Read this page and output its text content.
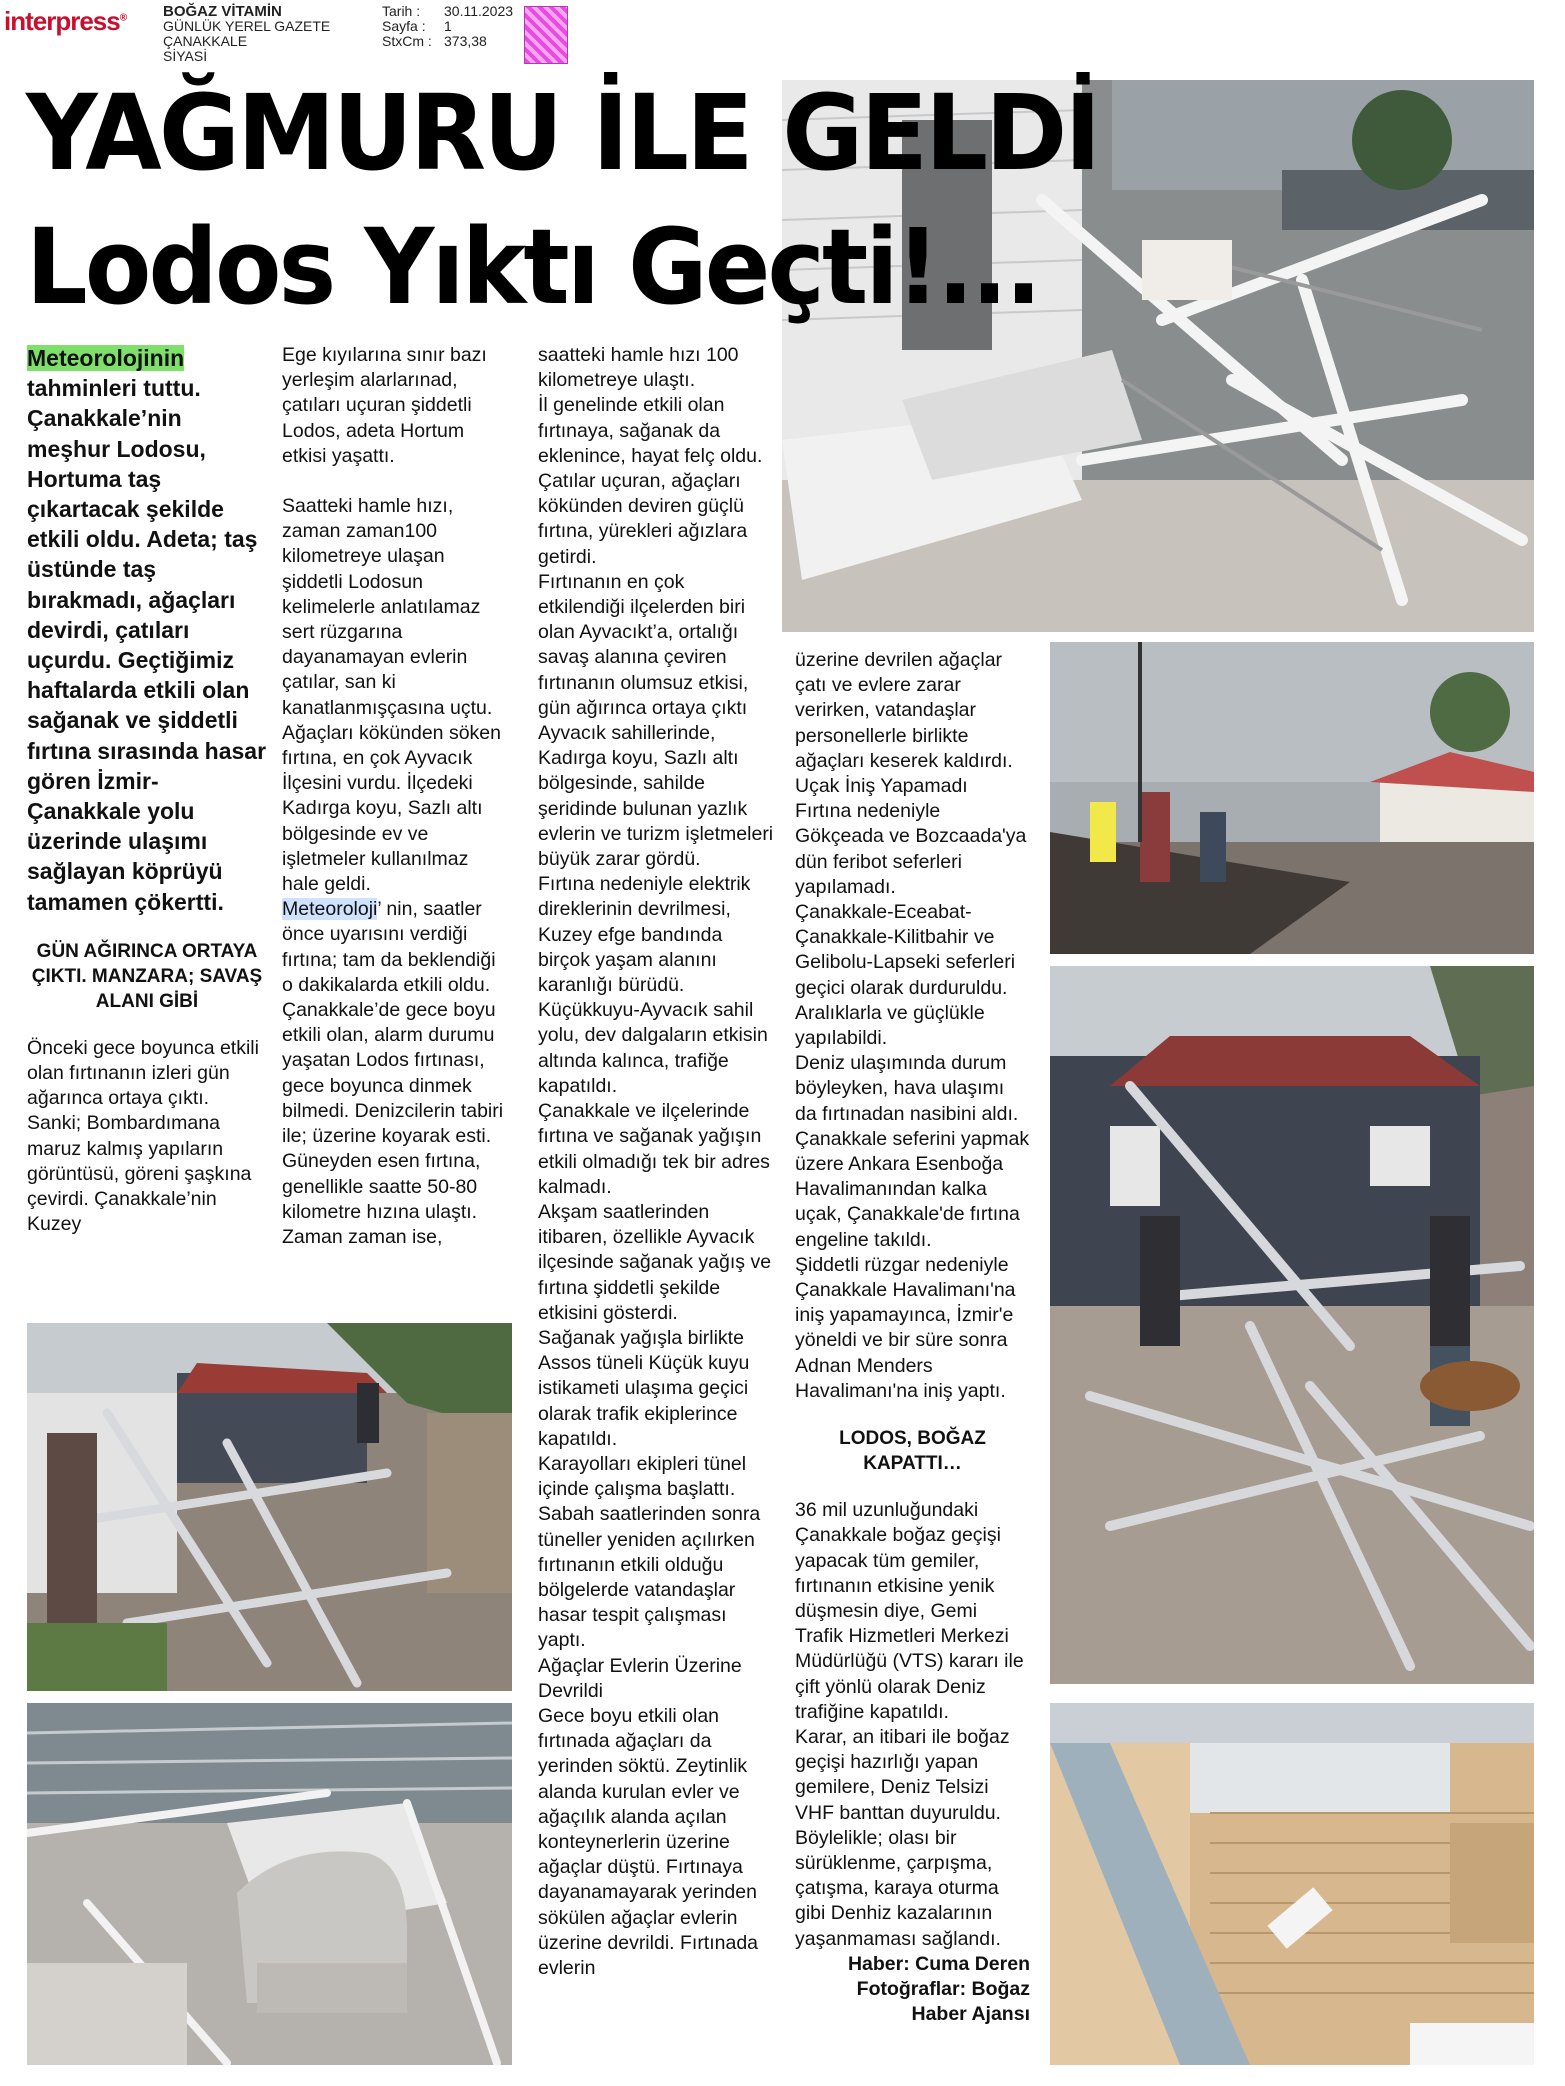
interpress® BOĞAZ VİTAMİN
GÜNLÜK YEREL GAZETE
ÇANAKKALE
SİYASİ
Tarih : 30.11.2023
Sayfa : 1
StxCm : 373,38
YAĞMURU İLE GELDİ
Lodos Yıktı Geçti!...

Meteorolojinin tahminleri tuttu. Çanakkale’nin meşhur Lodosu, Hortuma taş çıkartacak şekilde etkili oldu. Adeta; taş üstünde taş bırakmadı, ağaçları devirdi, çatıları uçurdu. Geçtiğimiz haftalarda etkili olan sağanak ve şiddetli fırtına sırasında hasar gören İzmir-Çanakkale yolu üzerinde ulaşımı sağlayan köprüyü tamamen çökertti.

GÜN AĞIRINCA ORTAYA ÇIKTI. MANZARA; SAVAŞ ALANI GİBİ

Önceki gece boyunca etkili olan fırtınanın izleri gün ağarınca ortaya çıktı. Sanki; Bombardımana maruz kalmış yapıların görüntüsü, göreni şaşkına çevirdi. Çanakkale’nin Kuzey

Ege kıyılarına sınır bazı yerleşim alarlarınad, çatıları uçuran şiddetli Lodos, adeta Hortum etkisi yaşattı.

Saatteki hamle hızı, zaman zaman100 kilometreye ulaşan şiddetli Lodosun kelimelerle anlatılamaz sert rüzgarına dayanamayan evlerin çatılar, san ki kanatlanmışçasına uçtu. Ağaçları kökünden söken fırtına, en çok Ayvacık İlçesini vurdu. İlçedeki Kadırga koyu, Sazlı altı bölgesinde ev ve işletmeler kullanılmaz hale geldi.

Meteoroloji’ nin, saatler önce uyarısını verdiği fırtına; tam da beklendiği o dakikalarda etkili oldu.

Çanakkale’de gece boyu etkili olan, alarm durumu yaşatan Lodos fırtınası, gece boyunca dinmek bilmedi. Denizcilerin tabiri ile; üzerine koyarak esti.

Güneyden esen fırtına, genellikle saatte 50-80 kilometre hızına ulaştı. Zaman zaman ise,

saatteki hamle hızı 100 kilometreye ulaştı.

İl genelinde etkili olan fırtınaya, sağanak da eklenince, hayat felç oldu.

Çatılar uçuran, ağaçları kökünden deviren güçlü fırtına, yürekleri ağızlara getirdi.

Fırtınanın en çok etkilendiği ilçelerden biri olan Ayvacıkt’a, ortalığı savaş alanına çeviren fırtınanın olumsuz etkisi, gün ağırınca ortaya çıktı Ayvacık sahillerinde, Kadırga koyu, Sazlı altı bölgesinde, sahilde şeridinde bulunan yazlık evlerin ve turizm işletmeleri büyük zarar gördü.

Fırtına nedeniyle elektrik direklerinin devrilmesi, Kuzey efge bandında birçok yaşam alanını karanlığı bürüdü.

Küçükkuyu-Ayvacık sahil yolu, dev dalgaların etkisin altında kalınca, trafiğe kapatıldı.

Çanakkale ve ilçelerinde fırtına ve sağanak yağışın etkili olmadığı tek bir adres kalmadı.

Akşam saatlerinden itibaren, özellikle Ayvacık ilçesinde sağanak yağış ve fırtına şiddetli şekilde etkisini gösterdi.

Sağanak yağışla birlikte Assos tüneli Küçük kuyu istikameti ulaşıma geçici olarak trafik ekiplerince kapatıldı.

Karayolları ekipleri tünel içinde çalışma başlattı. Sabah saatlerinden sonra tüneller yeniden açılırken fırtınanın etkili olduğu bölgelerde vatandaşlar hasar tespit çalışması yaptı.

Ağaçlar Evlerin Üzerine Devrildi

Gece boyu etkili olan fırtınada ağaçları da yerinden söktü. Zeytinlik alanda kurulan evler ve ağaçılık alanda açılan konteynerlerin üzerine ağaçlar düştü. Fırtınaya dayanamayarak yerinden sökülen ağaçlar evlerin üzerine devrildi. Fırtınada evlerin

üzerine devrilen ağaçlar çatı ve evlere zarar verirken, vatandaşlar personellerle birlikte ağaçları keserek kaldırdı.

Uçak İniş Yapamadı

Fırtına nedeniyle Gökçeada ve Bozcaada'ya dün feribot seferleri yapılamadı.

Çanakkale-Eceabat-Çanakkale-Kilitbahir ve Gelibolu-Lapseki seferleri geçici olarak durduruldu. Aralıklarla ve güçlükle yapılabildi.

Deniz ulaşımında durum böyleyken, hava ulaşımı da fırtınadan nasibini aldı. Çanakkale seferini yapmak üzere Ankara Esenboğa Havalimanından kalka uçak, Çanakkale'de fırtına engeline takıldı.

Şiddetli rüzgar nedeniyle Çanakkale Havalimanı'na iniş yapamayınca, İzmir'e yöneldi ve bir süre sonra Adnan Menders Havalimanı'na iniş yaptı.

LODOS, BOĞAZ KAPATTI…

36 mil uzunluğundaki Çanakkale boğaz geçişi yapacak tüm gemiler, fırtınanın etkisine yenik düşmesin diye, Gemi Trafik Hizmetleri Merkezi Müdürlüğü (VTS) kararı ile çift yönlü olarak Deniz trafiğine kapatıldı.

Karar, an itibari ile boğaz geçişi hazırlığı yapan gemilere, Deniz Telsizi VHF banttan duyuruldu.

Böylelikle; olası bir sürüklenme, çarpışma, çatışma, karaya oturma gibi Denhiz kazalarının yaşanmaması sağlandı.

Haber: Cuma Deren

Fotoğraflar: Boğaz

Haber Ajansı
